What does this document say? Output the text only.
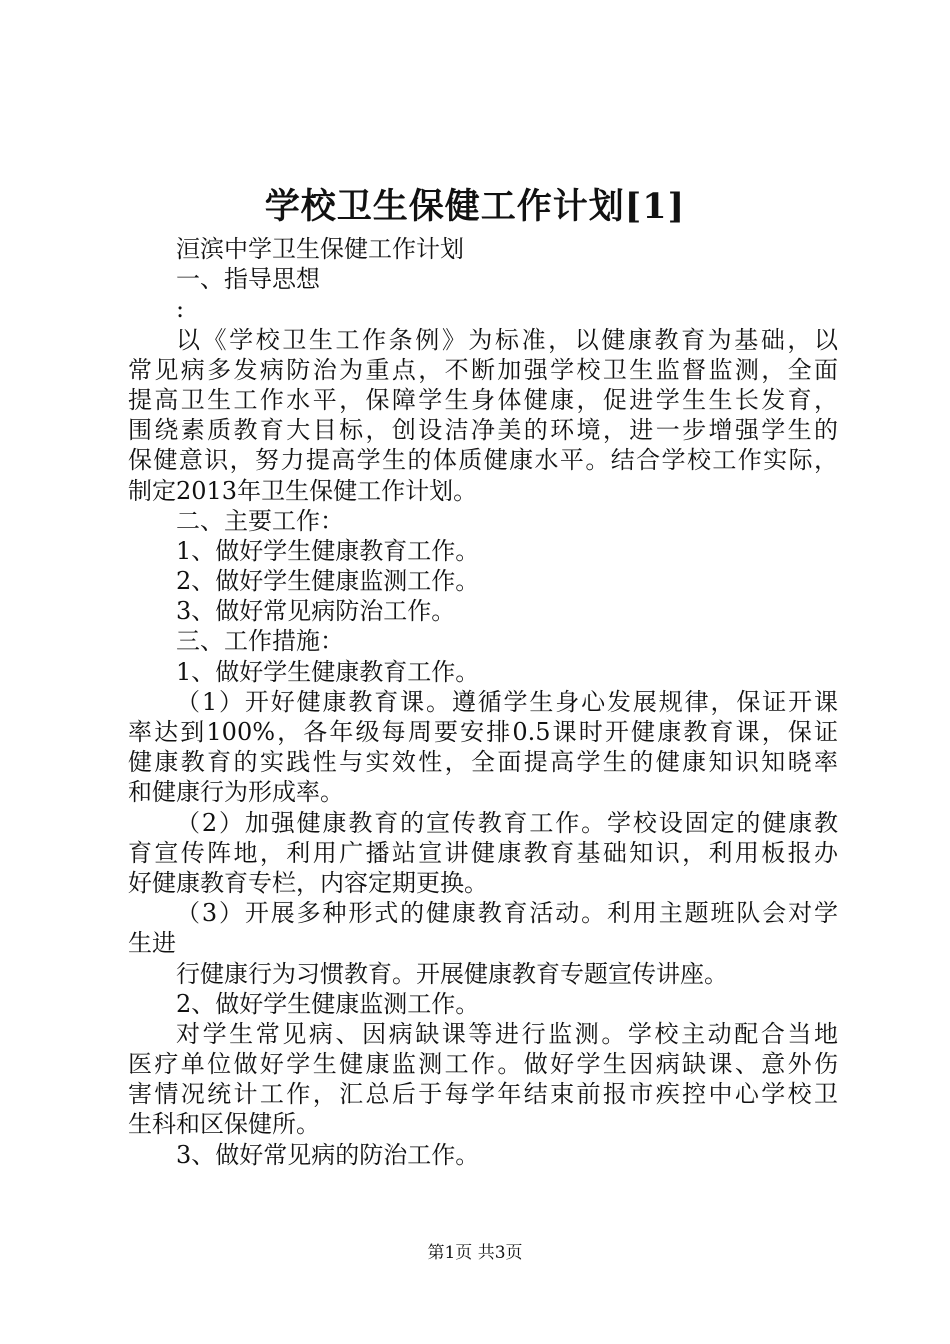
学校卫生保健工作计划[1]
洹滨中学卫生保健工作计划
一、指导思想
:
以《学校卫生工作条例》为标准，以健康教育为基础，以
常见病多发病防治为重点，不断加强学校卫生监督监测，全面
提高卫生工作水平，保障学生身体健康，促进学生生长发育，
围绕素质教育大目标，创设洁净美的环境，进一步增强学生的
保健意识，努力提高学生的体质健康水平。结合学校工作实际，
制定2013年卫生保健工作计划。
二、主要工作：
1、做好学生健康教育工作。
2、做好学生健康监测工作。
3、做好常见病防治工作。
三、工作措施：
1、做好学生健康教育工作。
（1）开好健康教育课。遵循学生身心发展规律，保证开课
率达到100%，各年级每周要安排0.5课时开健康教育课，保证
健康教育的实践性与实效性，全面提高学生的健康知识知晓率
和健康行为形成率。
（2）加强健康教育的宣传教育工作。学校设固定的健康教
育宣传阵地，利用广播站宣讲健康教育基础知识，利用板报办
好健康教育专栏，内容定期更换。
（3）开展多种形式的健康教育活动。利用主题班队会对学
生进
行健康行为习惯教育。开展健康教育专题宣传讲座。
2、做好学生健康监测工作。
对学生常见病、因病缺课等进行监测。学校主动配合当地
医疗单位做好学生健康监测工作。做好学生因病缺课、意外伤
害情况统计工作，汇总后于每学年结束前报市疾控中心学校卫
生科和区保健所。
3、做好常见病的防治工作。
第1页 共3页
